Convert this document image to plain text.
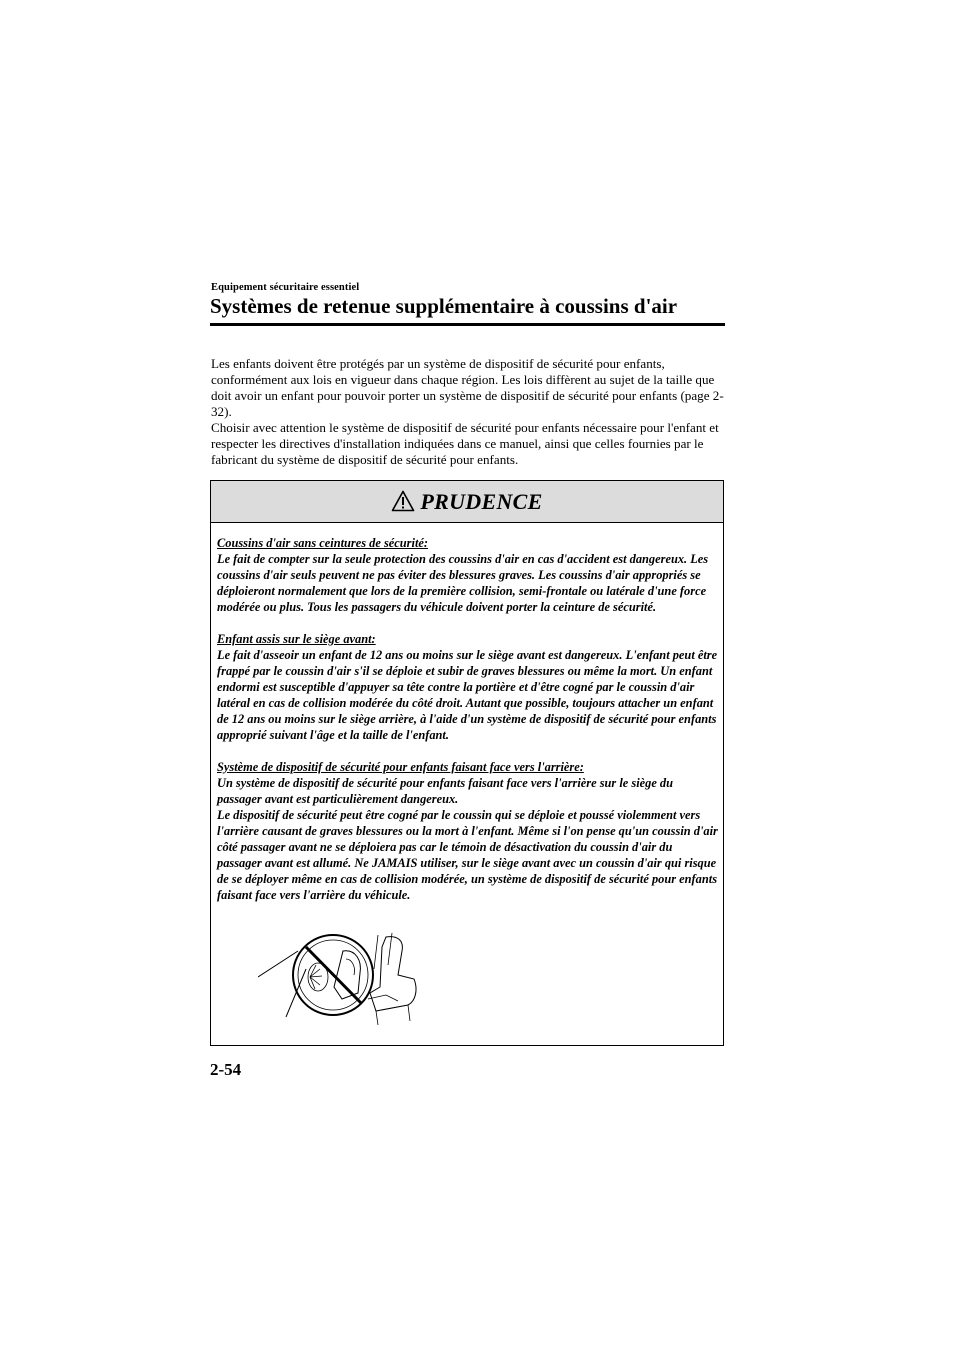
Equipement sécuritaire essentiel
Systèmes de retenue supplémentaire à coussins d'air

Les enfants doivent être protégés par un système de dispositif de sécurité pour enfants, conformément aux lois en vigueur dans chaque région. Les lois diffèrent au sujet de la taille que doit avoir un enfant pour pouvoir porter un système de dispositif de sécurité pour enfants (page 2-32).

Choisir avec attention le système de dispositif de sécurité pour enfants nécessaire pour l'enfant et respecter les directives d'installation indiquées dans ce manuel, ainsi que celles fournies par le fabricant du système de dispositif de sécurité pour enfants.

PRUDENCE
Coussins d'air sans ceintures de sécurité:

Le fait de compter sur la seule protection des coussins d'air en cas d'accident est dangereux. Les coussins d'air seuls peuvent ne pas éviter des blessures graves. Les coussins d'air appropriés se déploieront normalement que lors de la première collision, semi-frontale ou latérale d'une force modérée ou plus. Tous les passagers du véhicule doivent porter la ceinture de sécurité.

Enfant assis sur le siège avant:

Le fait d'asseoir un enfant de 12 ans ou moins sur le siège avant est dangereux. L'enfant peut être frappé par le coussin d'air s'il se déploie et subir de graves blessures ou même la mort. Un enfant endormi est susceptible d'appuyer sa tête contre la portière et d'être cogné par le coussin d'air latéral en cas de collision modérée du côté droit. Autant que possible, toujours attacher un enfant de 12 ans ou moins sur le siège arrière, à l'aide d'un système de dispositif de sécurité pour enfants approprié suivant l'âge et la taille de l'enfant.

Système de dispositif de sécurité pour enfants faisant face vers l'arrière:

Un système de dispositif de sécurité pour enfants faisant face vers l'arrière sur le siège du passager avant est particulièrement dangereux.

Le dispositif de sécurité peut être cogné par le coussin qui se déploie et poussé violemment vers l'arrière causant de graves blessures ou la mort à l'enfant. Même si l'on pense qu'un coussin d'air côté passager avant ne se déploiera pas car le témoin de désactivation du coussin d'air du passager avant est allumé. Ne JAMAIS utiliser, sur le siège avant avec un coussin d'air qui risque de se déployer même en cas de collision modérée, un système de dispositif de sécurité pour enfants faisant face vers l'arrière du véhicule.

2-54
